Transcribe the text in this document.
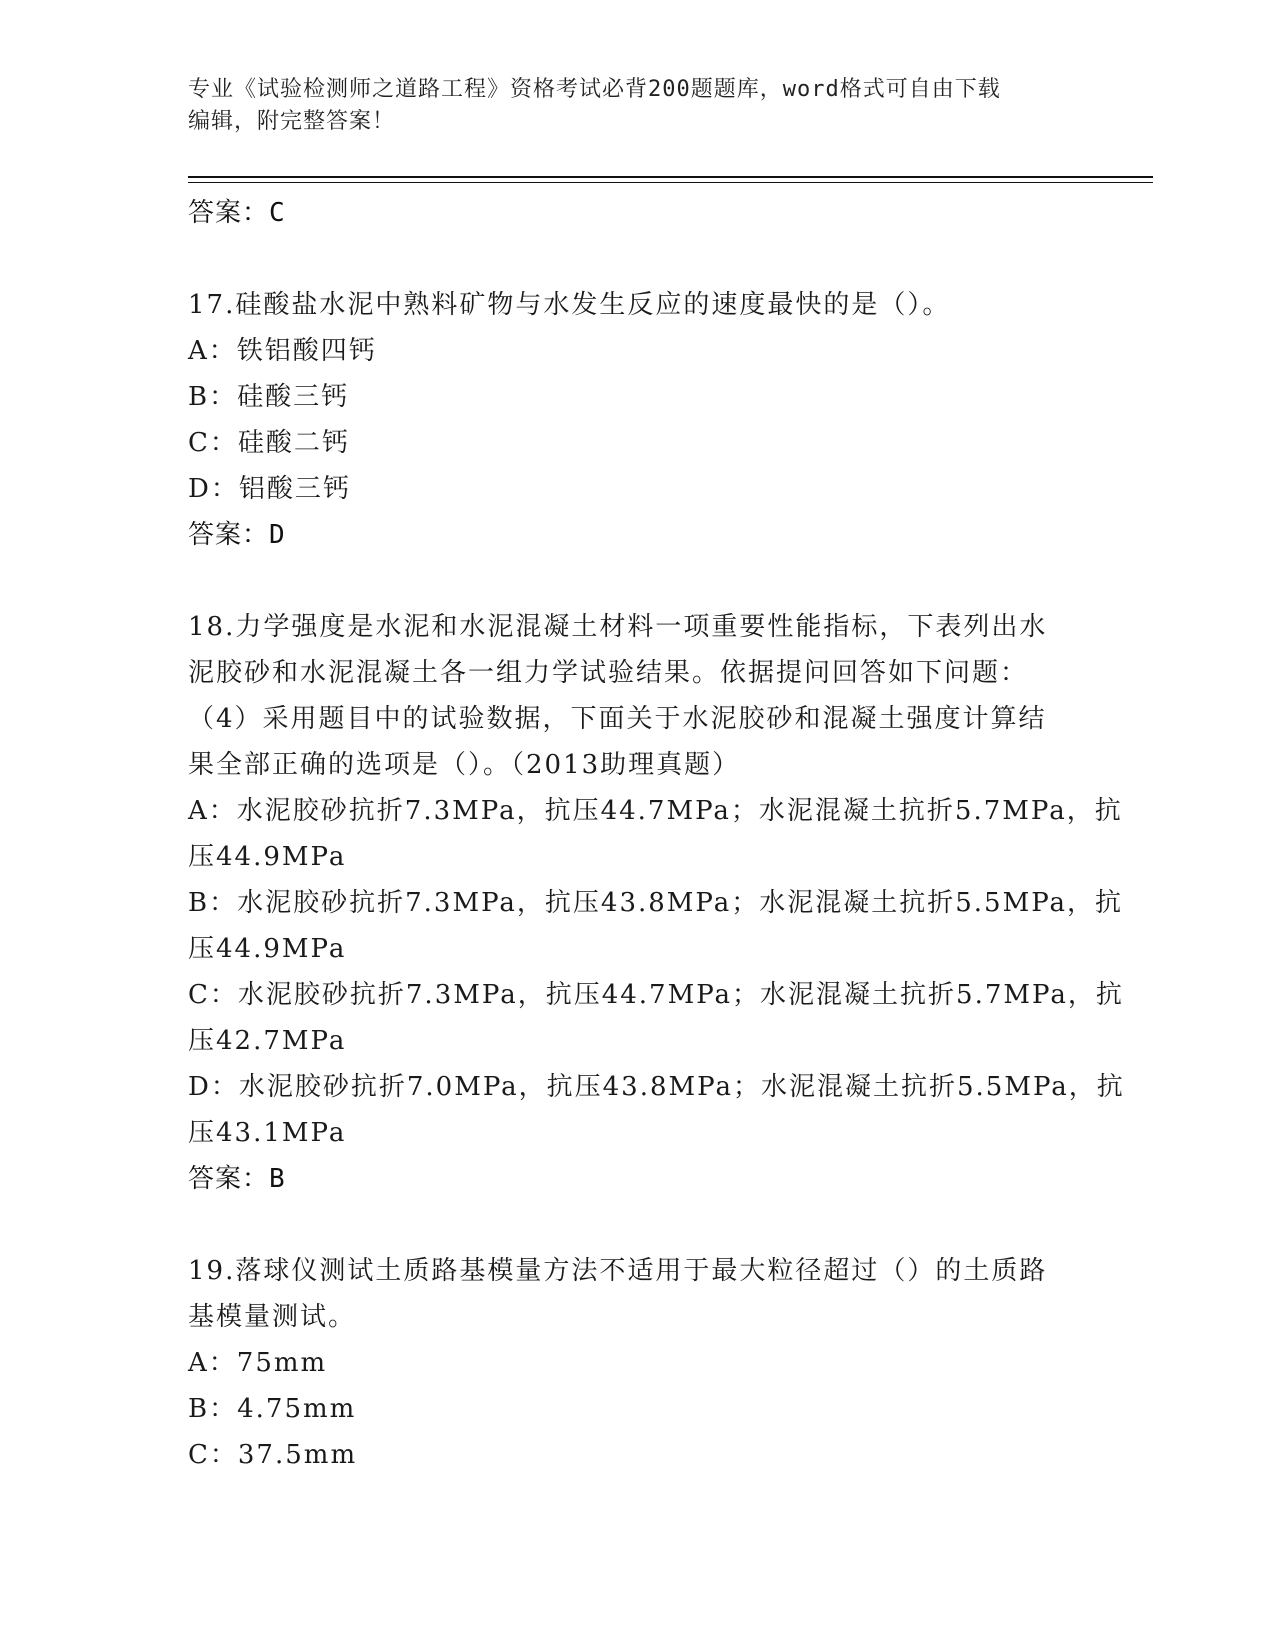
专业《试验检测师之道路工程》资格考试必背200题题库，word格式可自由下载
编辑，附完整答案！
答案：C
17.硅酸盐水泥中熟料矿物与水发生反应的速度最快的是（）。
A：铁铝酸四钙
B：硅酸三钙
C：硅酸二钙
D：铝酸三钙
答案：D
18.力学强度是水泥和水泥混凝土材料一项重要性能指标，下表列出水
泥胶砂和水泥混凝土各一组力学试验结果。依据提问回答如下问题：
（4）采用题目中的试验数据，下面关于水泥胶砂和混凝土强度计算结
果全部正确的选项是（）。（2013助理真题）
A：水泥胶砂抗折7.3MPa，抗压44.7MPa；水泥混凝土抗折5.7MPa，抗
压44.9MPa
B：水泥胶砂抗折7.3MPa，抗压43.8MPa；水泥混凝土抗折5.5MPa，抗
压44.9MPa
C：水泥胶砂抗折7.3MPa，抗压44.7MPa；水泥混凝土抗折5.7MPa，抗
压42.7MPa
D：水泥胶砂抗折7.0MPa，抗压43.8MPa；水泥混凝土抗折5.5MPa，抗
压43.1MPa
答案：B
19.落球仪测试土质路基模量方法不适用于最大粒径超过（）的土质路
基模量测试。
A：75mm
B：4.75mm
C：37.5mm
